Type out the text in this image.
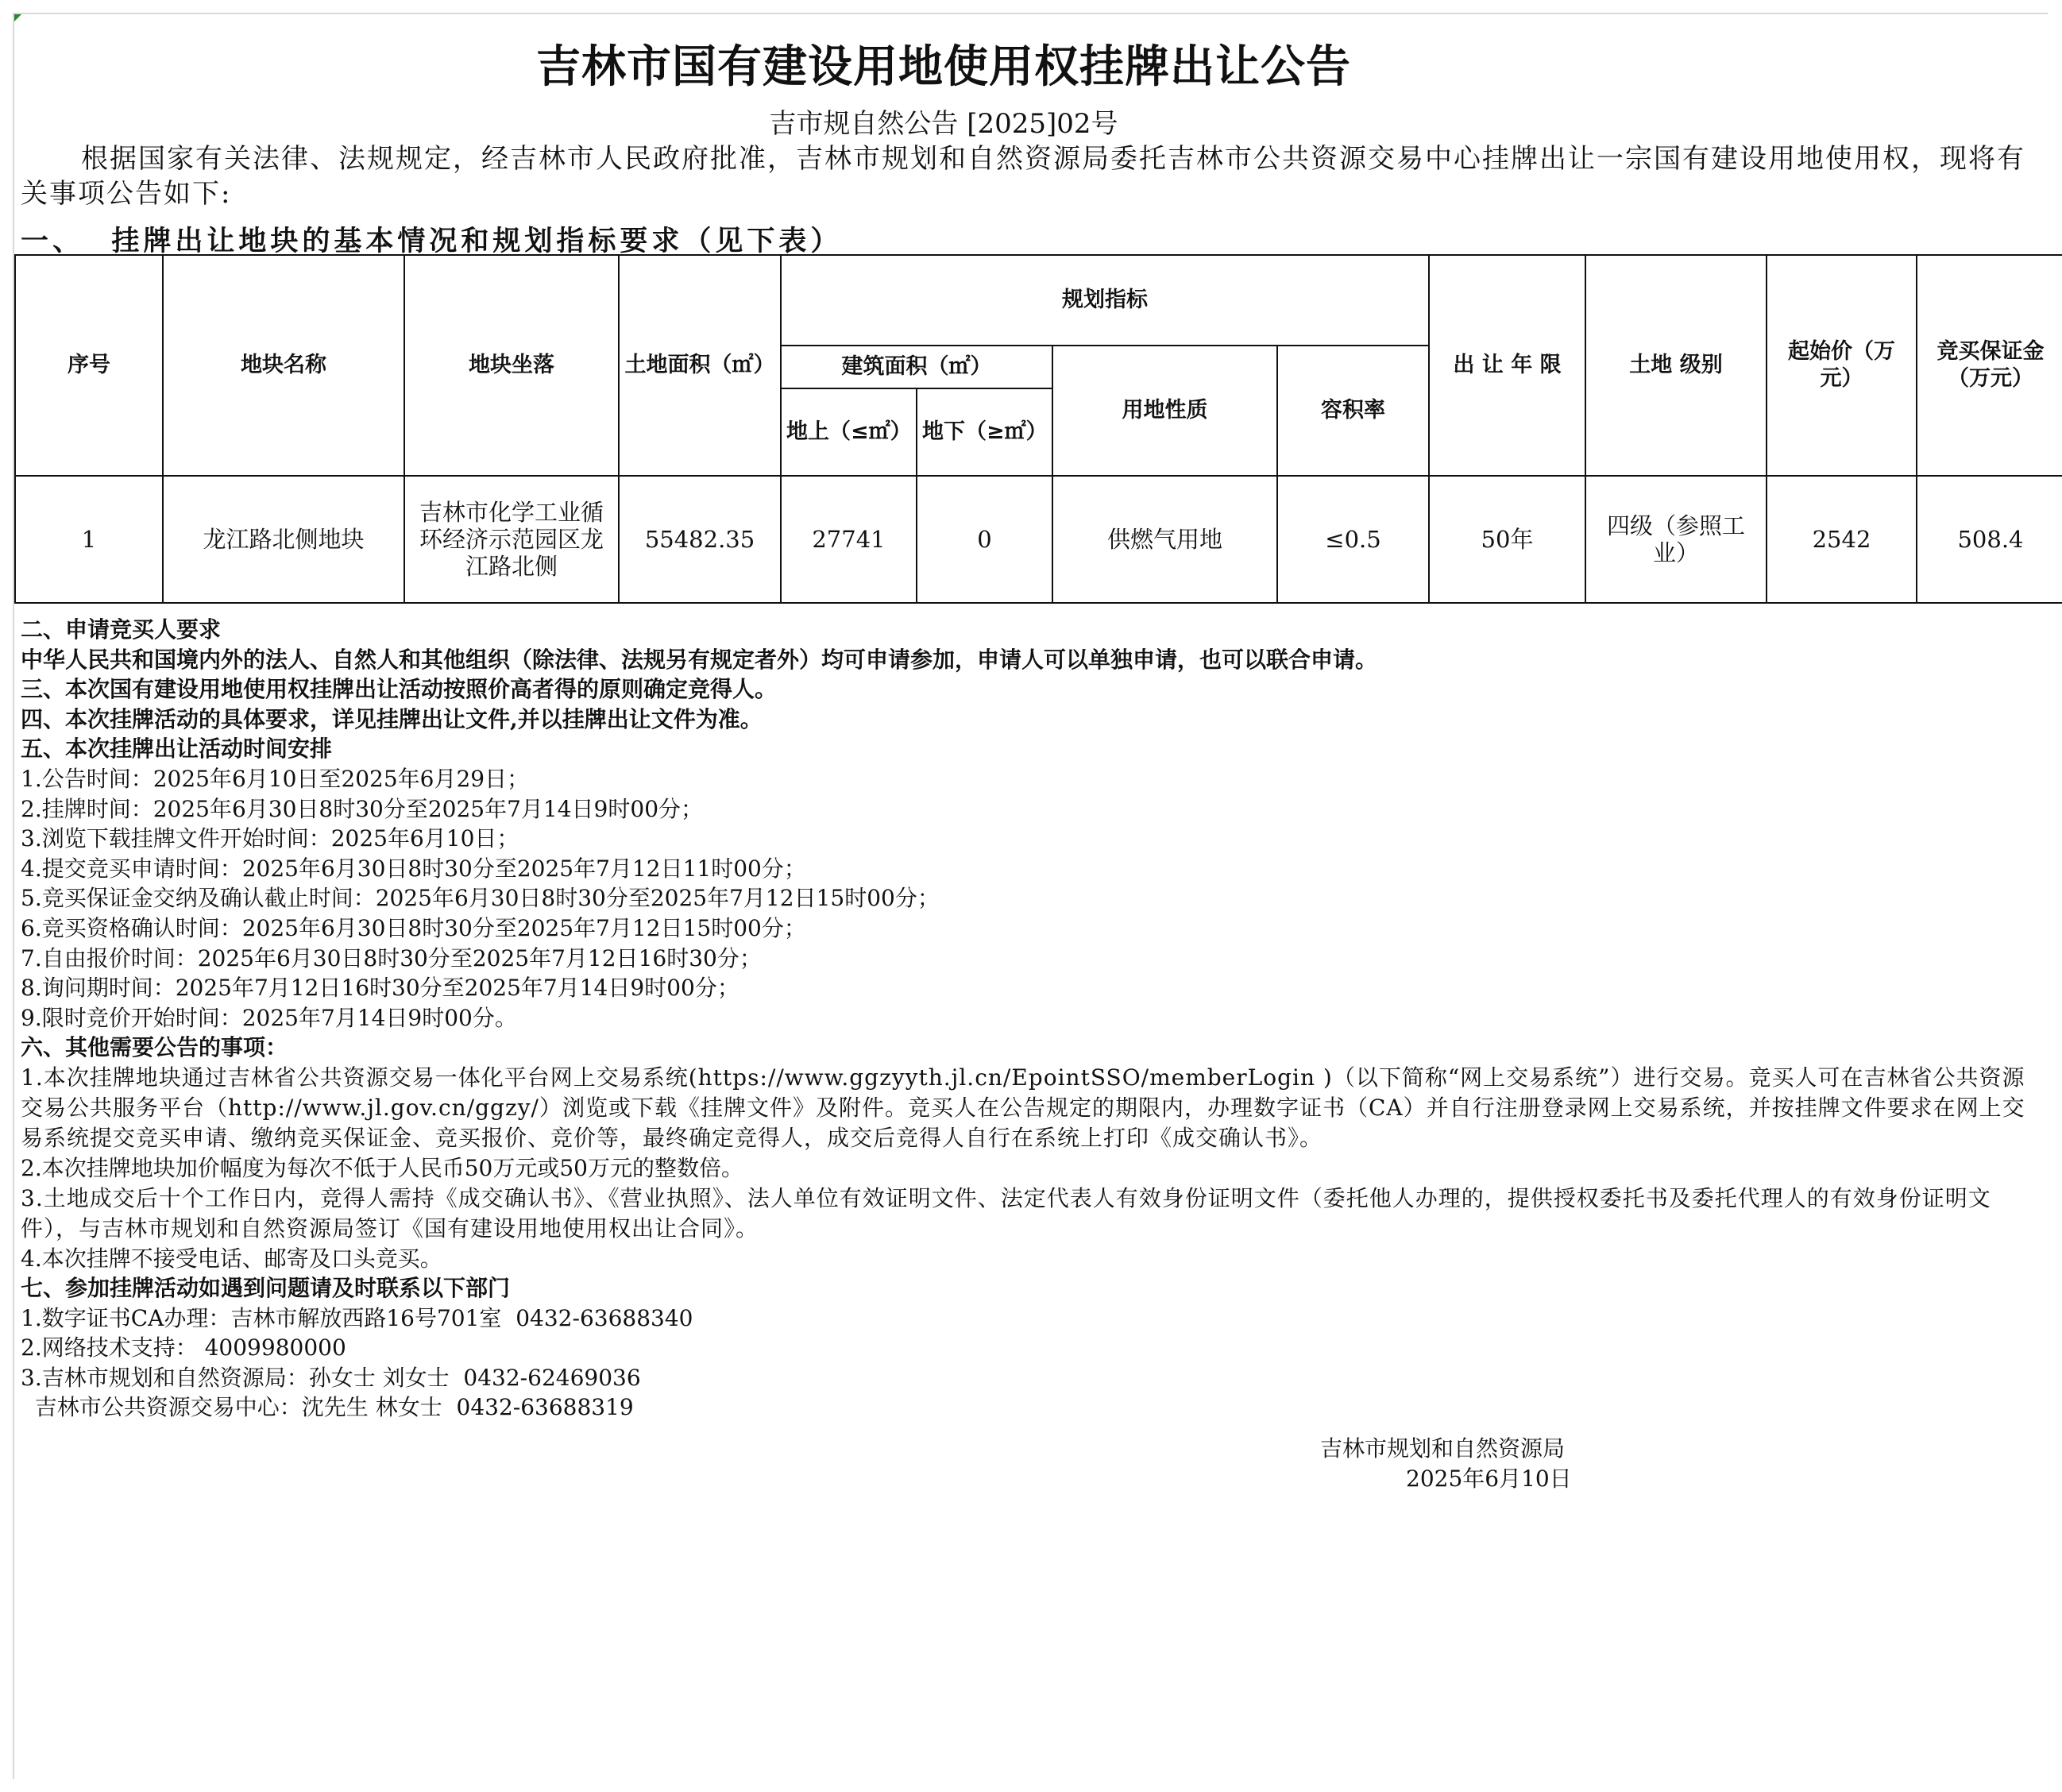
吉林市国有建设用地使用权挂牌出让公告
吉市规自然公告 [2025]02号
根据国家有关法律、法规规定，经吉林市人民政府批准，吉林市规划和自然资源局委托吉林市公共资源交易中心挂牌出让一宗国有建设用地使用权，现将有关事项公告如下:
一、  挂牌出让地块的基本情况和规划指标要求（见下表）
序号	地块名称	地块坐落	土地面积（㎡）	规划指标				出 让 年 限	土地 级别	起始价（万元）	竞买保证金（万元）
				建筑面积（㎡）		用地性质	容积率				
				地上（≤㎡）	地下（≥㎡）						
1	龙江路北侧地块	吉林市化学工业循环经济示范园区龙江路北侧	55482.35	27741	0	供燃气用地	≤0.5	50年	四级（参照工业）	2542	508.4
二、申请竞买人要求
中华人民共和国境内外的法人、自然人和其他组织（除法律、法规另有规定者外）均可申请参加，申请人可以单独申请，也可以联合申请。
三、本次国有建设用地使用权挂牌出让活动按照价高者得的原则确定竞得人。
四、本次挂牌活动的具体要求，详见挂牌出让文件,并以挂牌出让文件为准。
五、本次挂牌出让活动时间安排
1.公告时间：2025年6月10日至2025年6月29日；
2.挂牌时间：2025年6月30日8时30分至2025年7月14日9时00分；
3.浏览下载挂牌文件开始时间：2025年6月10日；
4.提交竞买申请时间：2025年6月30日8时30分至2025年7月12日11时00分；
5.竞买保证金交纳及确认截止时间：2025年6月30日8时30分至2025年7月12日15时00分；
6.竞买资格确认时间：2025年6月30日8时30分至2025年7月12日15时00分；
7.自由报价时间：2025年6月30日8时30分至2025年7月12日16时30分；
8.询问期时间：2025年7月12日16时30分至2025年7月14日9时00分；
9.限时竞价开始时间：2025年7月14日9时00分。
六、其他需要公告的事项：
1.本次挂牌地块通过吉林省公共资源交易一体化平台网上交易系统(https://www.ggzyyth.jl.cn/EpointSSO/memberLogin )（以下简称“网上交易系统”）进行交易。竞买人可在吉林省公共资源交易公共服务平台（http://www.jl.gov.cn/ggzy/）浏览或下载《挂牌文件》及附件。竞买人在公告规定的期限内，办理数字证书（CA）并自行注册登录网上交易系统，并按挂牌文件要求在网上交易系统提交竞买申请、缴纳竞买保证金、竞买报价、竞价等，最终确定竞得人，成交后竞得人自行在系统上打印《成交确认书》。
2.本次挂牌地块加价幅度为每次不低于人民币50万元或50万元的整数倍。
3.土地成交后十个工作日内，竞得人需持《成交确认书》、《营业执照》、法人单位有效证明文件、法定代表人有效身份证明文件（委托他人办理的，提供授权委托书及委托代理人的有效身份证明文件），与吉林市规划和自然资源局签订《国有建设用地使用权出让合同》。
4.本次挂牌不接受电话、邮寄及口头竞买。
七、参加挂牌活动如遇到问题请及时联系以下部门
1.数字证书CA办理：吉林市解放西路16号701室  0432-63688340
2.网络技术支持： 4009980000
3.吉林市规划和自然资源局：孙女士 刘女士  0432-62469036
吉林市公共资源交易中心：沈先生 林女士  0432-63688319
吉林市规划和自然资源局
2025年6月10日
